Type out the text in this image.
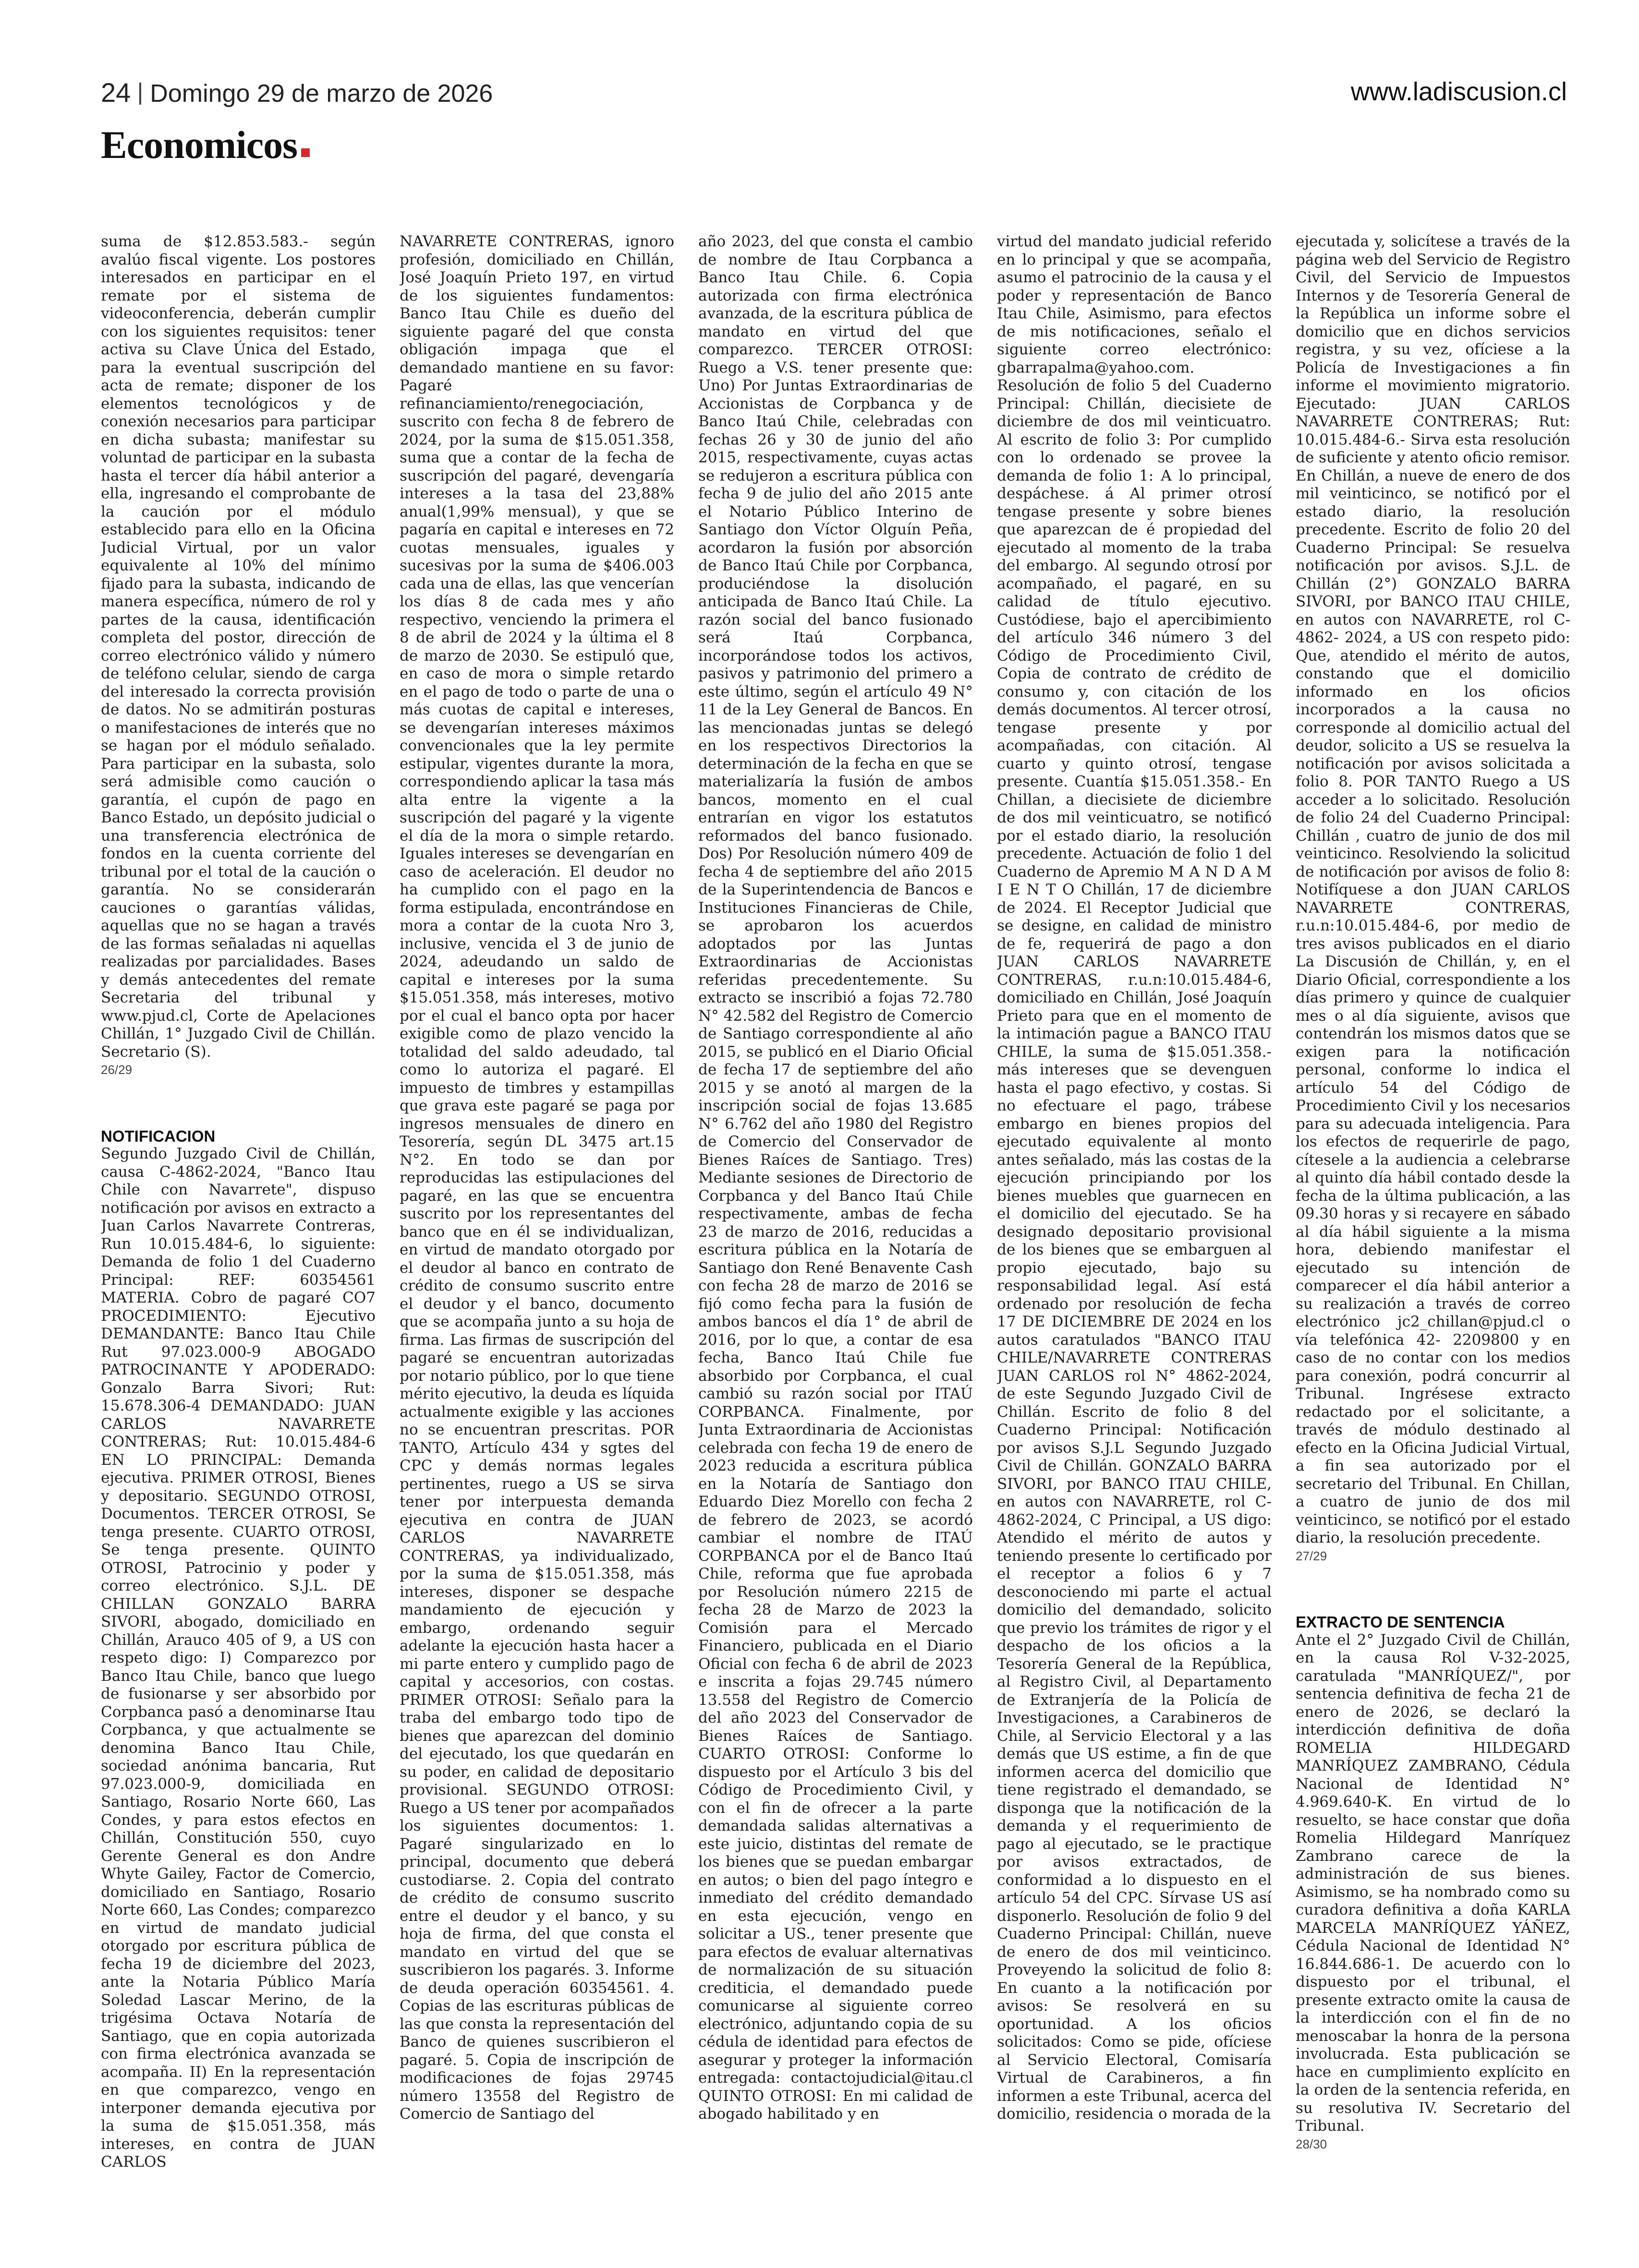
24 Domingo 29 de marzo de 2026	www.ladiscusion.cl
Economicos

suma de $12.853.583.- según avalúo fiscal vigente. Los postores interesados en participar en el remate por el sistema de videoconferencia, deberán cumplir con los siguientes requisitos: tener activa su Clave Única del Estado, para la eventual suscripción del acta de remate; disponer de los elementos tecnológicos y de conexión necesarios para participar en dicha subasta; manifestar su voluntad de participar en la subasta hasta el tercer día hábil anterior a ella, ingresando el comprobante de la caución por el módulo establecido para ello en la Oficina Judicial Virtual, por un valor equivalente al 10% del mínimo fijado para la subasta, indicando de manera específica, número de rol y partes de la causa, identificación completa del postor, dirección de correo electrónico válido y número de teléfono celular, siendo de carga del interesado la correcta provisión de datos. No se admitirán posturas o manifestaciones de interés que no se hagan por el módulo señalado. Para participar en la subasta, solo será admisible como caución o garantía, el cupón de pago en Banco Estado, un depósito judicial o una transferencia electrónica de fondos en la cuenta corriente del tribunal por el total de la caución o garantía. No se considerarán cauciones o garantías válidas, aquellas que no se hagan a través de las formas señaladas ni aquellas realizadas por parcialidades. Bases y demás antecedentes del remate Secretaria del tribunal y www.pjud.cl, Corte de Apelaciones Chillán, 1° Juzgado Civil de Chillán. Secretario (S).

26/29

NOTIFICACION

Segundo Juzgado Civil de Chillán, causa C-4862-2024, "Banco Itau Chile con Navarrete", dispuso notificación por avisos en extracto a Juan Carlos Navarrete Contreras, Run 10.015.484-6, lo siguiente: Demanda de folio 1 del Cuaderno Principal: REF: 60354561 MATERIA. Cobro de pagaré CO7 PROCEDIMIENTO: Ejecutivo DEMANDANTE: Banco Itau Chile Rut 97.023.000-9 ABOGADO PATROCINANTE Y APODERADO: Gonzalo Barra Sivori; Rut: 15.678.306-4 DEMANDADO: JUAN CARLOS NAVARRETE CONTRERAS; Rut: 10.015.484-6 EN LO PRINCIPAL: Demanda ejecutiva. PRIMER OTROSI, Bienes y depositario. SEGUNDO OTROSI, Documentos. TERCER OTROSI, Se tenga presente. CUARTO OTROSI, Se tenga presente. QUINTO OTROSI, Patrocinio y poder y correo electrónico. S.J.L. DE CHILLAN GONZALO BARRA SIVORI, abogado, domiciliado en Chillán, Arauco 405 of 9, a US con respeto digo: I) Comparezco por Banco Itau Chile, banco que luego de fusionarse y ser absorbido por Corpbanca pasó a denominarse Itau Corpbanca, y que actualmente se denomina Banco Itau Chile, sociedad anónima bancaria, Rut 97.023.000-9, domiciliada en Santiago, Rosario Norte 660, Las Condes, y para estos efectos en Chillán, Constitución 550, cuyo Gerente General es don Andre Whyte Gailey, Factor de Comercio, domiciliado en Santiago, Rosario Norte 660, Las Condes; comparezco en virtud de mandato judicial otorgado por escritura pública de fecha 19 de diciembre del 2023, ante la Notaria Público María Soledad Lascar Merino, de la trigésima Octava Notaría de Santiago, que en copia autorizada con firma electrónica avanzada se acompaña. II) En la representación en que comparezco, vengo en interponer demanda ejecutiva por la suma de $15.051.358, más intereses, en contra de JUAN CARLOS

NAVARRETE CONTRERAS, ignoro profesión, domiciliado en Chillán, José Joaquín Prieto 197, en virtud de los siguientes fundamentos: Banco Itau Chile es dueño del siguiente pagaré del que consta obligación impaga que el demandado mantiene en su favor: Pagaré refinanciamiento/renegociación, suscrito con fecha 8 de febrero de 2024, por la suma de $15.051.358, suma que a contar de la fecha de suscripción del pagaré, devengaría intereses a la tasa del 23,88% anual(1,99% mensual), y que se pagaría en capital e intereses en 72 cuotas mensuales, iguales y sucesivas por la suma de $406.003 cada una de ellas, las que vencerían los días 8 de cada mes y año respectivo, venciendo la primera el 8 de abril de 2024 y la última el 8 de marzo de 2030. Se estipuló que, en caso de mora o simple retardo en el pago de todo o parte de una o más cuotas de capital e intereses, se devengarían intereses máximos convencionales que la ley permite estipular, vigentes durante la mora, correspondiendo aplicar la tasa más alta entre la vigente a la suscripción del pagaré y la vigente el día de la mora o simple retardo. Iguales intereses se devengarían en caso de aceleración. El deudor no ha cumplido con el pago en la forma estipulada, encontrándose en mora a contar de la cuota Nro 3, inclusive, vencida el 3 de junio de 2024, adeudando un saldo de capital e intereses por la suma $15.051.358, más intereses, motivo por el cual el banco opta por hacer exigible como de plazo vencido la totalidad del saldo adeudado, tal como lo autoriza el pagaré. El impuesto de timbres y estampillas que grava este pagaré se paga por ingresos mensuales de dinero en Tesorería, según DL 3475 art.15 N°2. En todo se dan por reproducidas las estipulaciones del pagaré, en las que se encuentra suscrito por los representantes del banco que en él se individualizan, en virtud de mandato otorgado por el deudor al banco en contrato de crédito de consumo suscrito entre el deudor y el banco, documento que se acompaña junto a su hoja de firma. Las firmas de suscripción del pagaré se encuentran autorizadas por notario público, por lo que tiene mérito ejecutivo, la deuda es líquida actualmente exigible y las acciones no se encuentran prescritas. POR TANTO, Artículo 434 y sgtes del CPC y demás normas legales pertinentes, ruego a US se sirva tener por interpuesta demanda ejecutiva en contra de JUAN CARLOS NAVARRETE CONTRERAS, ya individualizado, por la suma de $15.051.358, más intereses, disponer se despache mandamiento de ejecución y embargo, ordenando seguir adelante la ejecución hasta hacer a mi parte entero y cumplido pago de capital y accesorios, con costas. PRIMER OTROSI: Señalo para la traba del embargo todo tipo de bienes que aparezcan del dominio del ejecutado, los que quedarán en su poder, en calidad de depositario provisional. SEGUNDO OTROSI: Ruego a US tener por acompañados los siguientes documentos: 1. Pagaré singularizado en lo principal, documento que deberá custodiarse. 2. Copia del contrato de crédito de consumo suscrito entre el deudor y el banco, y su hoja de firma, del que consta el mandato en virtud del que se suscribieron los pagarés. 3. Informe de deuda operación 60354561. 4. Copias de las escrituras públicas de las que consta la representación del Banco de quienes suscribieron el pagaré. 5. Copia de inscripción de modificaciones de fojas 29745 número 13558 del Registro de Comercio de Santiago del

año 2023, del que consta el cambio de nombre de Itau Corpbanca a Banco Itau Chile. 6. Copia autorizada con firma electrónica avanzada, de la escritura pública de mandato en virtud del que comparezco. TERCER OTROSI: Ruego a V.S. tener presente que: Uno) Por Juntas Extraordinarias de Accionistas de Corpbanca y de Banco Itaú Chile, celebradas con fechas 26 y 30 de junio del año 2015, respectivamente, cuyas actas se redujeron a escritura pública con fecha 9 de julio del año 2015 ante el Notario Público Interino de Santiago don Víctor Olguín Peña, acordaron la fusión por absorción de Banco Itaú Chile por Corpbanca, produciéndose la disolución anticipada de Banco Itaú Chile. La razón social del banco fusionado será Itaú Corpbanca, incorporándose todos los activos, pasivos y patrimonio del primero a este último, según el artículo 49 N° 11 de la Ley General de Bancos. En las mencionadas juntas se delegó en los respectivos Directorios la determinación de la fecha en que se materializaría la fusión de ambos bancos, momento en el cual entrarían en vigor los estatutos reformados del banco fusionado. Dos) Por Resolución número 409 de fecha 4 de septiembre del año 2015 de la Superintendencia de Bancos e Instituciones Financieras de Chile, se aprobaron los acuerdos adoptados por las Juntas Extraordinarias de Accionistas referidas precedentemente. Su extracto se inscribió a fojas 72.780 N° 42.582 del Registro de Comercio de Santiago correspondiente al año 2015, se publicó en el Diario Oficial de fecha 17 de septiembre del año 2015 y se anotó al margen de la inscripción social de fojas 13.685 N° 6.762 del año 1980 del Registro de Comercio del Conservador de Bienes Raíces de Santiago. Tres) Mediante sesiones de Directorio de Corpbanca y del Banco Itaú Chile respectivamente, ambas de fecha 23 de marzo de 2016, reducidas a escritura pública en la Notaría de Santiago don René Benavente Cash con fecha 28 de marzo de 2016 se fijó como fecha para la fusión de ambos bancos el día 1° de abril de 2016, por lo que, a contar de esa fecha, Banco Itaú Chile fue absorbido por Corpbanca, el cual cambió su razón social por ITAÚ CORPBANCA. Finalmente, por Junta Extraordinaria de Accionistas celebrada con fecha 19 de enero de 2023 reducida a escritura pública en la Notaría de Santiago don Eduardo Diez Morello con fecha 2 de febrero de 2023, se acordó cambiar el nombre de ITAÚ CORPBANCA por el de Banco Itaú Chile, reforma que fue aprobada por Resolución número 2215 de fecha 28 de Marzo de 2023 la Comisión para el Mercado Financiero, publicada en el Diario Oficial con fecha 6 de abril de 2023 e inscrita a fojas 29.745 número 13.558 del Registro de Comercio del año 2023 del Conservador de Bienes Raíces de Santiago. CUARTO OTROSI: Conforme lo dispuesto por el Artículo 3 bis del Código de Procedimiento Civil, y con el fin de ofrecer a la parte demandada salidas alternativas a este juicio, distintas del remate de los bienes que se puedan embargar en autos; o bien del pago íntegro e inmediato del crédito demandado en esta ejecución, vengo en solicitar a US., tener presente que para efectos de evaluar alternativas de normalización de su situación crediticia, el demandado puede comunicarse al siguiente correo electrónico, adjuntando copia de su cédula de identidad para efectos de asegurar y proteger la información entregada: contactojudicial@itau.cl QUINTO OTROSI: En mi calidad de abogado habilitado y en

virtud del mandato judicial referido en lo principal y que se acompaña, asumo el patrocinio de la causa y el poder y representación de Banco Itau Chile, Asimismo, para efectos de mis notificaciones, señalo el siguiente correo electrónico: gbarrapalma@yahoo.com. Resolución de folio 5 del Cuaderno Principal: Chillán, diecisiete de diciembre de dos mil veinticuatro. Al escrito de folio 3: Por cumplido con lo ordenado se provee la demanda de folio 1: A lo principal, despáchese. á Al primer otrosí tengase presente y sobre bienes que aparezcan de é propiedad del ejecutado al momento de la traba del embargo. Al segundo otrosí por acompañado, el pagaré, en su calidad de título ejecutivo. Custódiese, bajo el apercibimiento del artículo 346 número 3 del Código de Procedimiento Civil, Copia de contrato de crédito de consumo y, con citación de los demás documentos. Al tercer otrosí, tengase presente y por acompañadas, con citación. Al cuarto y quinto otrosí, tengase presente. Cuantía $15.051.358.- En Chillan, a diecisiete de diciembre de dos mil veinticuatro, se notificó por el estado diario, la resolución precedente. Actuación de folio 1 del Cuaderno de Apremio M A N D A M I E N T O Chillán, 17 de diciembre de 2024. El Receptor Judicial que se designe, en calidad de ministro de fe, requerirá de pago a don JUAN CARLOS NAVARRETE CONTRERAS, r.u.n:10.015.484-6, domiciliado en Chillán, José Joaquín Prieto para que en el momento de la intimación pague a BANCO ITAU CHILE, la suma de $15.051.358.- más intereses que se devenguen hasta el pago efectivo, y costas. Si no efectuare el pago, trábese embargo en bienes propios del ejecutado equivalente al monto antes señalado, más las costas de la ejecución principiando por los bienes muebles que guarnecen en el domicilio del ejecutado. Se ha designado depositario provisional de los bienes que se embarguen al propio ejecutado, bajo su responsabilidad legal. Así está ordenado por resolución de fecha 17 DE DICIEMBRE DE 2024 en los autos caratulados "BANCO ITAU CHILE/NAVARRETE CONTRERAS JUAN CARLOS rol N° 4862-2024, de este Segundo Juzgado Civil de Chillán. Escrito de folio 8 del Cuaderno Principal: Notificación por avisos S.J.L Segundo Juzgado Civil de Chillán. GONZALO BARRA SIVORI, por BANCO ITAU CHILE, en autos con NAVARRETE, rol C-4862-2024, C Principal, a US digo: Atendido el mérito de autos y teniendo presente lo certificado por el receptor a folios 6 y 7 desconociendo mi parte el actual domicilio del demandado, solicito que previo los trámites de rigor y el despacho de los oficios a la Tesorería General de la República, al Registro Civil, al Departamento de Extranjería de la Policía de Investigaciones, a Carabineros de Chile, al Servicio Electoral y a las demás que US estime, a fin de que informen acerca del domicilio que tiene registrado el demandado, se disponga que la notificación de la demanda y el requerimiento de pago al ejecutado, se le practique por avisos extractados, de conformidad a lo dispuesto en el artículo 54 del CPC. Sírvase US así disponerlo. Resolución de folio 9 del Cuaderno Principal: Chillán, nueve de enero de dos mil veinticinco. Proveyendo la solicitud de folio 8: En cuanto a la notificación por avisos: Se resolverá en su oportunidad. A los oficios solicitados: Como se pide, ofíciese al Servicio Electoral, Comisaría Virtual de Carabineros, a fin informen a este Tribunal, acerca del domicilio, residencia o morada de la

ejecutada y, solicítese a través de la página web del Servicio de Registro Civil, del Servicio de Impuestos Internos y de Tesorería General de la República un informe sobre el domicilio que en dichos servicios registra, y su vez, ofíciese a la Policía de Investigaciones a fin informe el movimiento migratorio. Ejecutado: JUAN CARLOS NAVARRETE CONTRERAS; Rut: 10.015.484-6.- Sirva esta resolución de suficiente y atento oficio remisor. En Chillán, a nueve de enero de dos mil veinticinco, se notificó por el estado diario, la resolución precedente. Escrito de folio 20 del Cuaderno Principal: Se resuelva notificación por avisos. S.J.L. de Chillán (2°) GONZALO BARRA SIVORI, por BANCO ITAU CHILE, en autos con NAVARRETE, rol C-4862- 2024, a US con respeto pido: Que, atendido el mérito de autos, constando que el domicilio informado en los oficios incorporados a la causa no corresponde al domicilio actual del deudor, solicito a US se resuelva la notificación por avisos solicitada a folio 8. POR TANTO Ruego a US acceder a lo solicitado. Resolución de folio 24 del Cuaderno Principal: Chillán , cuatro de junio de dos mil veinticinco. Resolviendo la solicitud de notificación por avisos de folio 8: Notifíquese a don JUAN CARLOS NAVARRETE CONTRERAS, r.u.n:10.015.484-6, por medio de tres avisos publicados en el diario La Discusión de Chillán, y, en el Diario Oficial, correspondiente a los días primero y quince de cualquier mes o al día siguiente, avisos que contendrán los mismos datos que se exigen para la notificación personal, conforme lo indica el artículo 54 del Código de Procedimiento Civil y los necesarios para su adecuada inteligencia. Para los efectos de requerirle de pago, cítesele a la audiencia a celebrarse al quinto día hábil contado desde la fecha de la última publicación, a las 09.30 horas y si recayere en sábado al día hábil siguiente a la misma hora, debiendo manifestar el ejecutado su intención de comparecer el día hábil anterior a su realización a través de correo electrónico jc2_chillan@pjud.cl o vía telefónica 42- 2209800 y en caso de no contar con los medios para conexión, podrá concurrir al Tribunal. Ingrésese extracto redactado por el solicitante, a través de módulo destinado al efecto en la Oficina Judicial Virtual, a fin sea autorizado por el secretario del Tribunal. En Chillan, a cuatro de junio de dos mil veinticinco, se notificó por el estado diario, la resolución precedente.

27/29

EXTRACTO DE SENTENCIA

Ante el 2° Juzgado Civil de Chillán, en la causa Rol V-32-2025, caratulada "MANRÍQUEZ/", por sentencia definitiva de fecha 21 de enero de 2026, se declaró la interdicción definitiva de doña ROMELIA HILDEGARD MANRÍQUEZ ZAMBRANO, Cédula Nacional de Identidad N° 4.969.640-K. En virtud de lo resuelto, se hace constar que doña Romelia Hildegard Manríquez Zambrano carece de la administración de sus bienes. Asimismo, se ha nombrado como su curadora definitiva a doña KARLA MARCELA MANRÍQUEZ YÁÑEZ, Cédula Nacional de Identidad N° 16.844.686-1. De acuerdo con lo dispuesto por el tribunal, el presente extracto omite la causa de la interdicción con el fin de no menoscabar la honra de la persona involucrada. Esta publicación se hace en cumplimiento explícito en la orden de la sentencia referida, en su resolutiva IV. Secretario del Tribunal.

28/30
